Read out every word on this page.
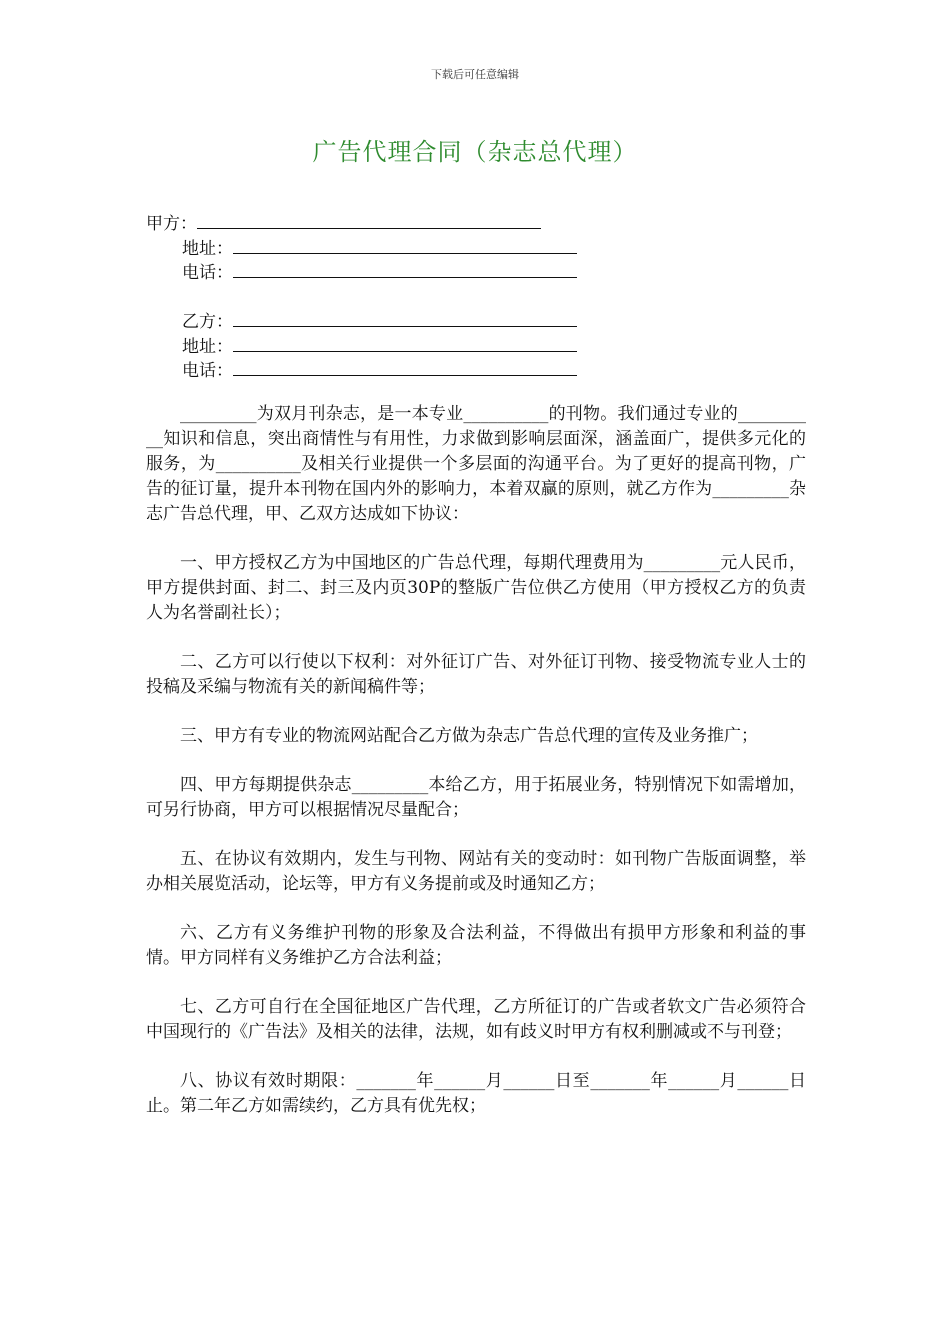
下载后可任意编辑
广告代理合同（杂志总代理）
甲方：
地址：
电话：
乙方：
地址：
电话：

_________为双月刊杂志，是一本专业__________的刊物。我们通过专业的__________知识和信息，突出商情性与有用性，力求做到影响层面深，涵盖面广，提供多元化的服务，为__________及相关行业提供一个多层面的沟通平台。为了更好的提高刊物，广告的征订量，提升本刊物在国内外的影响力，本着双赢的原则，就乙方作为_________杂志广告总代理，甲、乙双方达成如下协议：

一、甲方授权乙方为中国地区的广告总代理，每期代理费用为_________元人民币，甲方提供封面、封二、封三及内页30P的整版广告位供乙方使用（甲方授权乙方的负责人为名誉副社长）；

二、乙方可以行使以下权利：对外征订广告、对外征订刊物、接受物流专业人士的投稿及采编与物流有关的新闻稿件等；

三、甲方有专业的物流网站配合乙方做为杂志广告总代理的宣传及业务推广；

四、甲方每期提供杂志_________本给乙方，用于拓展业务，特别情况下如需增加，可另行协商，甲方可以根据情况尽量配合；

五、在协议有效期内，发生与刊物、网站有关的变动时：如刊物广告版面调整，举办相关展览活动，论坛等，甲方有义务提前或及时通知乙方；

六、乙方有义务维护刊物的形象及合法利益，不得做出有损甲方形象和利益的事情。甲方同样有义务维护乙方合法利益；

七、乙方可自行在全国征地区广告代理，乙方所征订的广告或者软文广告必须符合中国现行的《广告法》及相关的法律，法规，如有歧义时甲方有权利删减或不与刊登；

八、协议有效时期限：_______年______月______日至_______年______月______日止。第二年乙方如需续约，乙方具有优先权；
